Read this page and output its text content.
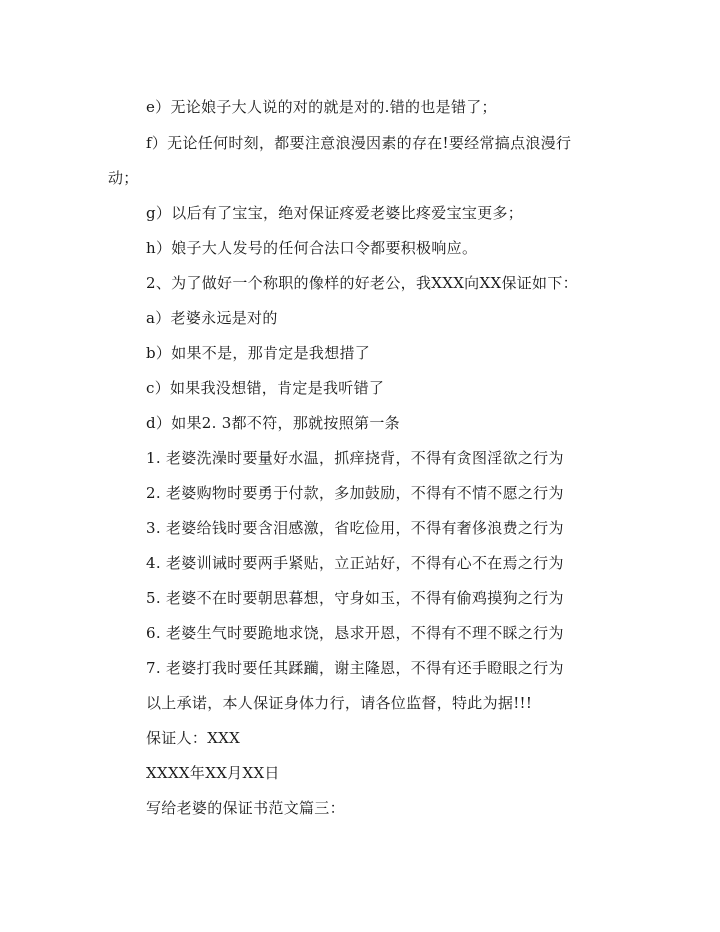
e）无论娘子大人说的对的就是对的.错的也是错了；
f）无论任何时刻，都要注意浪漫因素的存在!要经常搞点浪漫行
动；
g）以后有了宝宝，绝对保证疼爱老婆比疼爱宝宝更多；
h）娘子大人发号的任何合法口令都要积极响应。
2、为了做好一个称职的像样的好老公，我XXX向XX保证如下：
a）老婆永远是对的
b）如果不是，那肯定是我想措了
c）如果我没想错，肯定是我听错了
d）如果2. 3都不符，那就按照第一条
1. 老婆洗澡时要量好水温，抓痒挠背，不得有贪图淫欲之行为
2. 老婆购物时要勇于付款，多加鼓励，不得有不情不愿之行为
3. 老婆给钱时要含泪感激，省吃俭用，不得有奢侈浪费之行为
4. 老婆训诫时要两手紧贴，立正站好，不得有心不在焉之行为
5. 老婆不在时要朝思暮想，守身如玉，不得有偷鸡摸狗之行为
6. 老婆生气时要跪地求饶，恳求开恩，不得有不理不睬之行为
7. 老婆打我时要任其蹂躏，谢主隆恩，不得有还手瞪眼之行为
以上承诺，本人保证身体力行，请各位监督，特此为据!!!
保证人：XXX
XXXX年XX月XX日
写给老婆的保证书范文篇三：
